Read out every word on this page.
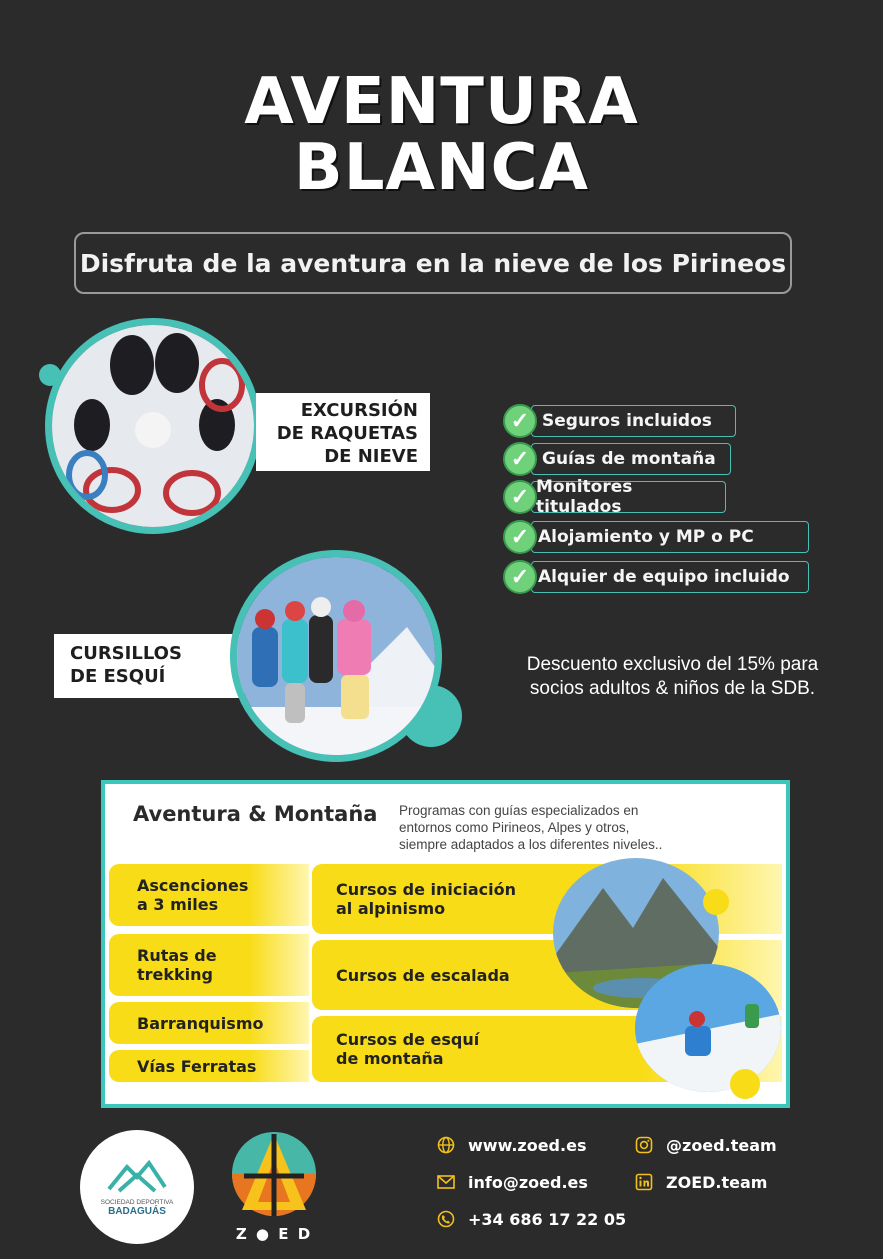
AVENTURA
BLANCA
Disfruta de la aventura en la nieve de los Pirineos
EXCURSIÓN
DE RAQUETAS
DE NIEVE
CURSILLOS
DE ESQUÍ
✓ Seguros incluidos
✓ Guías de montaña
✓ Monitores titulados
✓ Alojamiento y MP o PC
✓ Alquier de equipo incluido
Descuento exclusivo del 15% para
socios adultos & niños de la SDB.
Aventura & Montaña Programas con guías especializados en
entornos como Pirineos, Alpes y otros,
siempre adaptados a los diferentes niveles..
Ascenciones
a 3 miles
Rutas de
trekking
Barranquismo
Vías Ferratas
Cursos de iniciación
al alpinismo
Cursos de escalada
Cursos de esquí
de montaña
SOCIEDAD DEPORTIVA
BADAGUÁS
Z ● E D
www.zoed.es
info@zoed.es
+34 686 17 22 05
@zoed.team
ZOED.team
